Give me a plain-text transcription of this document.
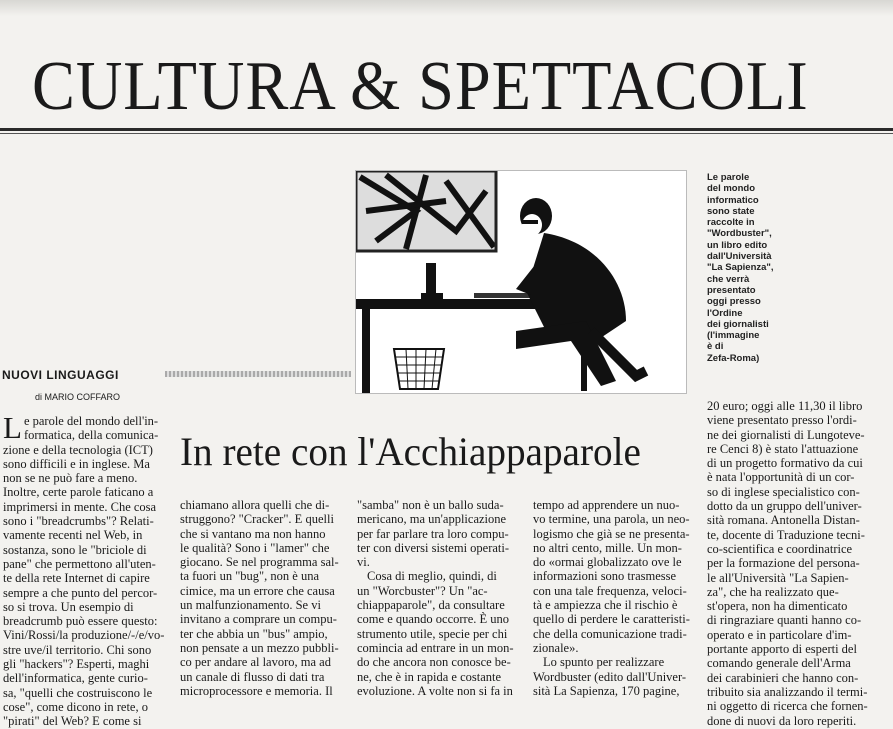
CULTURA & SPETTACOLI
Le parole
del mondo
informatico
sono state
raccolte in
"Wordbuster",
un libro edito
dall'Università
"La Sapienza",
che verrà
presentato
oggi presso
l'Ordine
dei giornalisti
(l'immagine
è di
Zefa-Roma)
NUOVI LINGUAGGI
di MARIO COFFARO
In rete con l'Acchiappaparole
L e parole del mondo dell'in-
formatica, della comunica-
zione e della tecnologia (ICT)
sono difficili e in inglese. Ma
non se ne può fare a meno.
Inoltre, certe parole faticano a
imprimersi in mente. Che cosa
sono i "breadcrumbs"? Relati-
vamente recenti nel Web, in
sostanza, sono le "briciole di
pane" che permettono all'uten-
te della rete Internet di capire
sempre a che punto del percor-
so si trova. Un esempio di
breadcrumb può essere questo:
Vini/Rossi/la produzione/-/e/vo-
stre uve/il territorio. Chi sono
gli "hackers"? Esperti, maghi
dell'informatica, gente curio-
sa, "quelli che costruiscono le
cose", come dicono in rete, o
"pirati" del Web? E come si
chiamano allora quelli che di-
struggono? "Cracker". E quelli
che si vantano ma non hanno
le qualità? Sono i "lamer" che
giocano. Se nel programma sal-
ta fuori un "bug", non è una
cimice, ma un errore che causa
un malfunzionamento. Se vi
invitano a comprare un compu-
ter che abbia un "bus" ampio,
non pensate a un mezzo pubbli-
co per andare al lavoro, ma ad
un canale di flusso di dati tra
microprocessore e memoria. Il
"samba" non è un ballo suda-
mericano, ma un'applicazione
per far parlare tra loro compu-
ter con diversi sistemi operati-
vi.
Cosa di meglio, quindi, di
un "Worcbuster"? Un "ac-
chiappaparole", da consultare
come e quando occorre. È uno
strumento utile, specie per chi
comincia ad entrare in un mon-
do che ancora non conosce be-
ne, che è in rapida e costante
evoluzione. A volte non si fa in
tempo ad apprendere un nuo-
vo termine, una parola, un neo-
logismo che già se ne presenta-
no altri cento, mille. Un mon-
do «ormai globalizzato ove le
informazioni sono trasmesse
con una tale frequenza, veloci-
tà e ampiezza che il rischio è
quello di perdere le caratteristi-
che della comunicazione tradi-
zionale».
Lo spunto per realizzare
Wordbuster (edito dall'Univer-
sità La Sapienza, 170 pagine,
20 euro; oggi alle 11,30 il libro
viene presentato presso l'ordi-
ne dei giornalisti di Lungoteve-
re Cenci 8) è stato l'attuazione
di un progetto formativo da cui
è nata l'opportunità di un cor-
so di inglese specialistico con-
dotto da un gruppo dell'univer-
sità romana. Antonella Distan-
te, docente di Traduzione tecni-
co-scientifica e coordinatrice
per la formazione del persona-
le all'Università "La Sapien-
za", che ha realizzato que-
st'opera, non ha dimenticato
di ringraziare quanti hanno co-
operato e in particolare d'im-
portante apporto di esperti del
comando generale dell'Arma
dei carabinieri che hanno con-
tribuito sia analizzando il termi-
ni oggetto di ricerca che fornen-
done di nuovi da loro reperiti.
